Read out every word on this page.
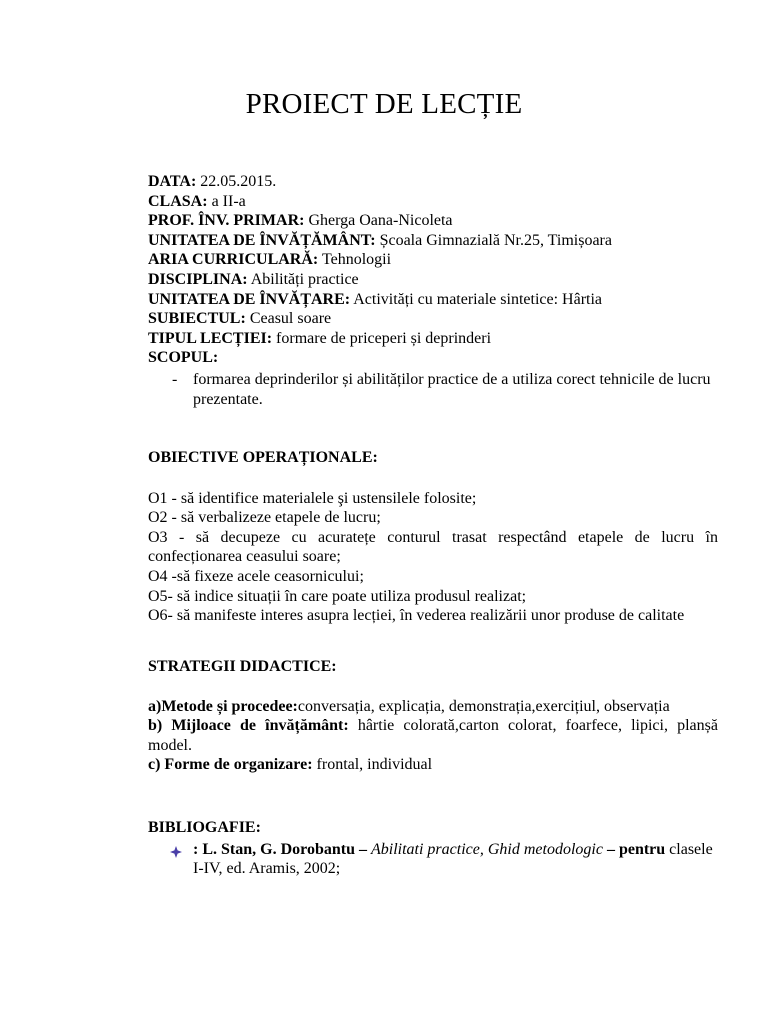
PROIECT DE LECȚIE

DATA: 22.05.2015.

CLASA: a II-a

PROF. ÎNV. PRIMAR: Gherga Oana-Nicoleta

UNITATEA DE ÎNVĂȚĂMÂNT: Școala Gimnazială Nr.25, Timișoara

ARIA CURRICULARĂ: Tehnologii

DISCIPLINA: Abilități practice

UNITATEA DE ÎNVĂȚARE: Activități cu materiale sintetice: Hârtia

SUBIECTUL: Ceasul soare

TIPUL LECȚIEI: formare de priceperi și deprinderi

SCOPUL:

- formarea deprinderilor și abilităților practice de a utiliza corect tehnicile de lucru prezentate.

OBIECTIVE OPERAȚIONALE:

O1 - să identifice materialele şi ustensilele folosite;
O2 - să verbalizeze etapele de lucru;
O3 - să decupeze cu acuratețe conturul trasat respectând etapele de lucru în confecționarea ceasului soare;
O4 -să fixeze acele ceasornicului;
O5- să indice situații în care poate utiliza produsul realizat;
O6- să manifeste interes asupra lecției, în vederea realizării unor produse de calitate

STRATEGII DIDACTICE:

a)Metode și procedee:conversația, explicația, demonstrația,exercițiul, observația

b) Mijloace de învățământ: hârtie colorată,carton colorat, foarfece, lipici, planșă model.

c) Forme de organizare: frontal, individual

BIBLIOGAFIE:

: L. Stan, G. Dorobantu – Abilitati practice, Ghid metodologic – pentru clasele I-IV, ed. Aramis, 2002;
